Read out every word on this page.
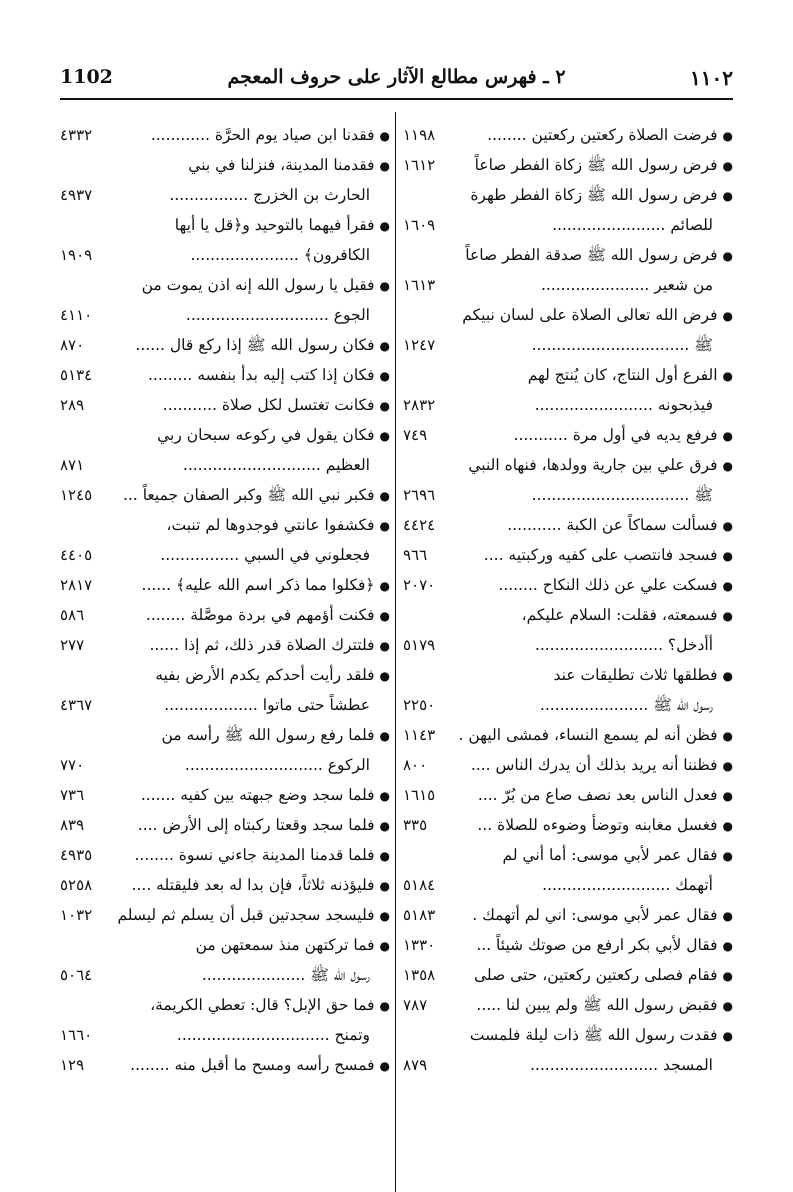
1102	٢ ـ فهرس مطالع الآثار على حروف المعجم	١١٠٢
●فرضت الصلاة ركعتين ركعتين ........
١١٩٨
●فرض رسول الله ﷺ زكاة الفطر صاعاً
١٦١٢
●فرض رسول الله ﷺ زكاة الفطر طهرة
للصائم .......................
١٦٠٩
●فرض رسول الله ﷺ صدقة الفطر صاعاً
من شعير ......................
١٦١٣
●فرض الله تعالى الصلاة على لسان نبيكم
ﷺ ................................
١٢٤٧
●الفرع أول النتاج، كان يُنتج لهم
فيذبحونه ........................
٢٨٣٢
●فرفع يديه في أول مرة ...........
٧٤٩
●فرق علي بين جارية وولدها، فنهاه النبي
ﷺ ................................
٢٦٩٦
●فسألت سماكاً عن الكبة ...........
٤٤٢٤
●فسجد فانتصب على كفيه وركبتيه ....
٩٦٦
●فسكت علي عن ذلك النكاح ........
٢٠٧٠
●فسمعته، فقلت: السلام عليكم،
أأدخل؟ ..........................
٥١٧٩
●فطلقها ثلاث تطليقات عند
رسول الله ﷺ ......................
٢٢٥٠
●فظن أنه لم يسمع النساء، فمشى اليهن .
١١٤٣
●فظننا أنه يريد بذلك أن يدرك الناس ....
٨٠٠
●فعدل الناس بعد نصف صاع من بُرّ ....
١٦١٥
●فغسل مغابنه وتوضأ وضوءه للصلاة ...
٣٣٥
●فقال عمر لأبي موسى: أما أني لم
أتهمك ..........................
٥١٨٤
●فقال عمر لأبي موسى: اني لم أتهمك .
٥١٨٣
●فقال لأبي بكر ارفع من صوتك شيئاً ...
١٣٣٠
●فقام فصلى ركعتين ركعتين، حتى صلى
١٣٥٨
●فقبض رسول الله ﷺ ولم يبين لنا .....
٧٨٧
●فقدت رسول الله ﷺ ذات ليلة فلمست
المسجد ..........................
٨٧٩
●فقدنا ابن صياد يوم الحرَّة ............
٤٣٣٢
●فقدمنا المدينة، فنزلنا في بني
الحارث بن الخزرج ................
٤٩٣٧
●فقرأ فيهما بالتوحيد و﴿قل يا أيها
الكافرون﴾ ......................
١٩٠٩
●فقيل يا رسول الله إنه اذن يموت من
الجوع .............................
٤١١٠
●فكان رسول الله ﷺ إذا ركع قال ......
٨٧٠
●فكان إذا كتب إليه بدأ بنفسه .........
٥١٣٤
●فكانت تغتسل لكل صلاة ...........
٢٨٩
●فكان يقول في ركوعه سبحان ربي
العظيم ............................
٨٧١
●فكبر نبي الله ﷺ وكبر الصفان جميعاً ...
١٢٤٥
●فكشفوا عانتي فوجدوها لم تنبت،
فجعلوني في السبي ................
٤٤٠٥
●﴿فكلوا مما ذكر اسم الله عليه﴾ ......
٢٨١٧
●فكنت أؤمهم في بردة موصَّلة ........
٥٨٦
●فلتترك الصلاة قدر ذلك، ثم إذا ......
٢٧٧
●فلقد رأيت أحدكم يكدم الأرض بفيه
عطشاً حتى ماتوا ...................
٤٣٦٧
●فلما رفع رسول الله ﷺ رأسه من
الركوع ............................
٧٧٠
●فلما سجد وضع جبهته بين كفيه .......
٧٣٦
●فلما سجد وقعتا ركبتاه إلى الأرض ....
٨٣٩
●فلما قدمنا المدينة جاءني نسوة ........
٤٩٣٥
●فليؤذنه ثلاثاً، فإن بدا له بعد فليقتله ....
٥٢٥٨
●فليسجد سجدتين قبل أن يسلم ثم ليسلم
١٠٣٢
●فما تركتهن منذ سمعتهن من
رسول الله ﷺ .....................
٥٠٦٤
●فما حق الإبل؟ قال: تعطي الكريمة،
وتمنح ...............................
١٦٦٠
●فمسح رأسه ومسح ما أقبل منه ........
١٢٩
